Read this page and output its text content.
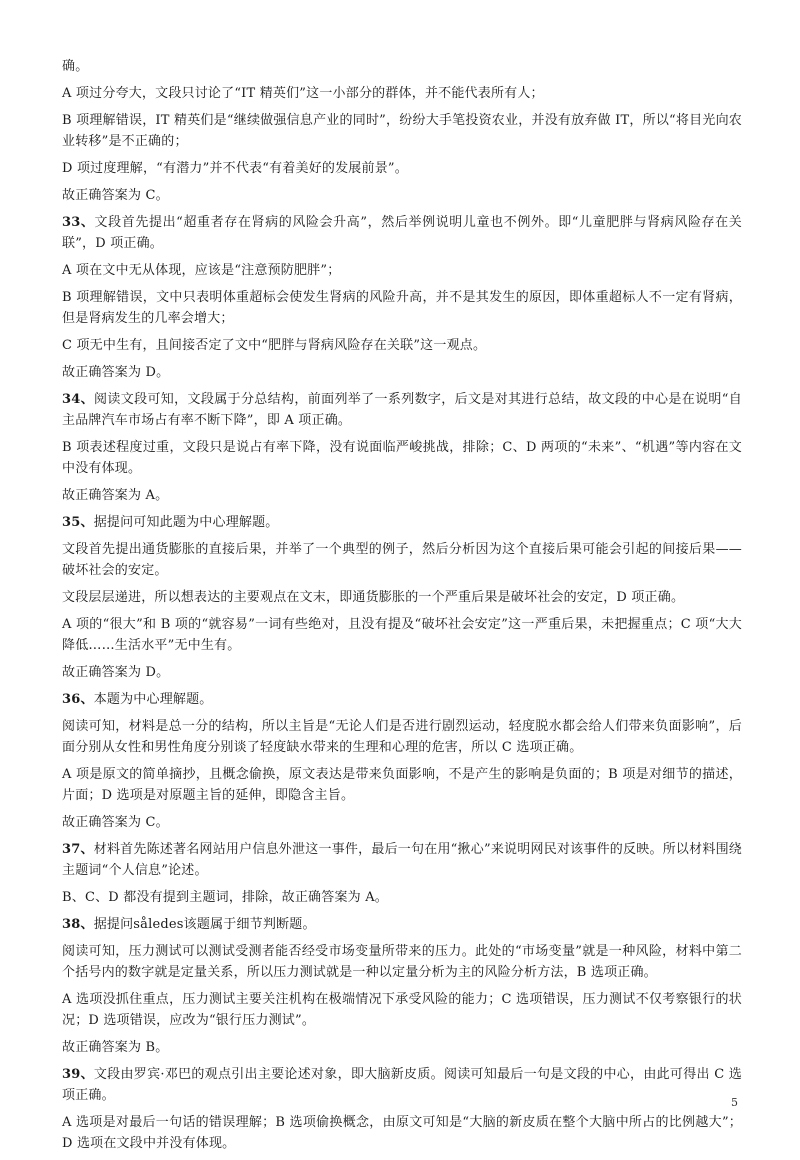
确。

A 项过分夸大，文段只讨论了“IT 精英们”这一小部分的群体，并不能代表所有人；

B 项理解错误，IT 精英们是“继续做强信息产业的同时”，纷纷大手笔投资农业，并没有放弃做 IT，所以“将目光向农业转移”是不正确的；

D 项过度理解，“有潜力”并不代表“有着美好的发展前景”。

故正确答案为 C。

33、文段首先提出“超重者存在肾病的风险会升高”，然后举例说明儿童也不例外。即“儿童肥胖与肾病风险存在关联”，D 项正确。

A 项在文中无从体现，应该是“注意预防肥胖”；

B 项理解错误，文中只表明体重超标会使发生肾病的风险升高，并不是其发生的原因，即体重超标人不一定有肾病，但是肾病发生的几率会增大；

C 项无中生有，且间接否定了文中“肥胖与肾病风险存在关联”这一观点。

故正确答案为 D。

34、阅读文段可知，文段属于分总结构，前面列举了一系列数字，后文是对其进行总结，故文段的中心是在说明“自主品牌汽车市场占有率不断下降”，即 A 项正确。

B 项表述程度过重，文段只是说占有率下降，没有说面临严峻挑战，排除；C、D 两项的“未来”、“机遇”等内容在文中没有体现。

故正确答案为 A。

35、据提问可知此题为中心理解题。

文段首先提出通货膨胀的直接后果，并举了一个典型的例子，然后分析因为这个直接后果可能会引起的间接后果——破坏社会的安定。

文段层层递进，所以想表达的主要观点在文末，即通货膨胀的一个严重后果是破坏社会的安定，D 项正确。

A 项的“很大”和 B 项的“就容易”一词有些绝对，且没有提及“破坏社会安定”这一严重后果，未把握重点；C 项“大大降低……生活水平”无中生有。

故正确答案为 D。

36、本题为中心理解题。

阅读可知，材料是总一分的结构，所以主旨是“无论人们是否进行剧烈运动，轻度脱水都会给人们带来负面影响”，后面分别从女性和男性角度分别谈了轻度缺水带来的生理和心理的危害，所以 C 选项正确。

A 项是原文的简单摘抄，且概念偷换，原文表达是带来负面影响，不是产生的影响是负面的；B 项是对细节的描述，片面；D 选项是对原题主旨的延伸，即隐含主旨。

故正确答案为 C。

37、材料首先陈述著名网站用户信息外泄这一事件，最后一句在用“揪心”来说明网民对该事件的反映。所以材料围绕主题词“个人信息”论述。

B、C、D 都没有提到主题词，排除，故正确答案为 A。

38、据提问således该题属于细节判断题。

阅读可知，压力测试可以测试受测者能否经受市场变量所带来的压力。此处的“市场变量”就是一种风险，材料中第二个括号内的数字就是定量关系，所以压力测试就是一种以定量分析为主的风险分析方法，B 选项正确。

A 选项没抓住重点，压力测试主要关注机构在极端情况下承受风险的能力；C 选项错误，压力测试不仅考察银行的状况；D 选项错误，应改为“银行压力测试”。

故正确答案为 B。

39、文段由罗宾·邓巴的观点引出主要论述对象，即大脑新皮质。阅读可知最后一句是文段的中心，由此可得出 C 选项正确。

A 选项是对最后一句话的错误理解；B 选项偷换概念，由原文可知是“大脑的新皮质在整个大脑中所占的比例越大”；D 选项在文段中并没有体现。

5
